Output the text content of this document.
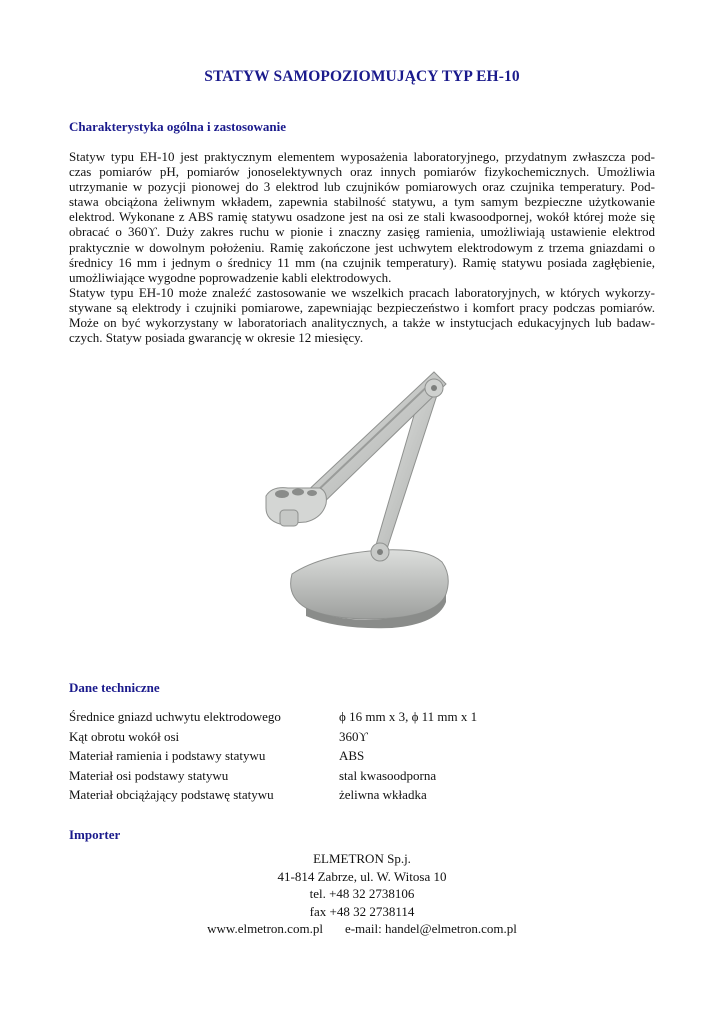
STATYW SAMOPOZIOMUJĄCY TYP EH-10
Charakterystyka ogólna i zastosowanie

Statyw typu EH-10 jest praktycznym elementem wyposażenia laboratoryjnego, przydatnym zwłaszcza pod- czas pomiarów pH, pomiarów jonoselektywnych oraz innych pomiarów fizykochemicznych. Umożliwia utrzymanie w pozycji pionowej do 3 elektrod lub czujników pomiarowych oraz czujnika temperatury. Pod- stawa obciążona żeliwnym wkładem, zapewnia stabilność statywu, a tym samym bezpieczne użytkowanie elektrod. Wykonane z ABS ramię statywu osadzone jest na osi ze stali kwasoodpornej, wokół której może się obracać o 360ϒ. Duży zakres ruchu w pionie i znaczny zasięg ramienia, umożliwiają ustawienie elektrod praktycznie w dowolnym położeniu. Ramię zakończone jest uchwytem elektrodowym z trzema gniazdami o średnicy 16 mm i jednym o średnicy 11 mm (na czujnik temperatury). Ramię statywu posiada zagłębienie, umożliwiające wygodne poprowadzenie kabli elektrodowych.

Statyw typu EH-10 może znaleźć zastosowanie we wszelkich pracach laboratoryjnych, w których wykorzy- stywane są elektrody i czujniki pomiarowe, zapewniając bezpieczeństwo i komfort pracy podczas pomiarów. Może on być wykorzystany w laboratoriach analitycznych, a także w instytucjach edukacyjnych lub badaw- czych. Statyw posiada gwarancję w okresie 12 miesięcy.

Dane techniczne
Średnice gniazd uchwytu elektrodowego	ϕ 16 mm x 3, ϕ 11 mm x 1
Kąt obrotu wokół osi	360ϒ
Materiał ramienia i podstawy statywu	ABS
Materiał osi podstawy statywu	stal kwasoodporna
Materiał obciążający podstawę statywu	żeliwna wkładka
Importer
ELMETRON Sp.j.
41-814 Zabrze, ul. W. Witosa 10
tel. +48 32 2738106
fax +48 32 2738114
www.elmetron.com.pl e-mail: handel@elmetron.com.pl
